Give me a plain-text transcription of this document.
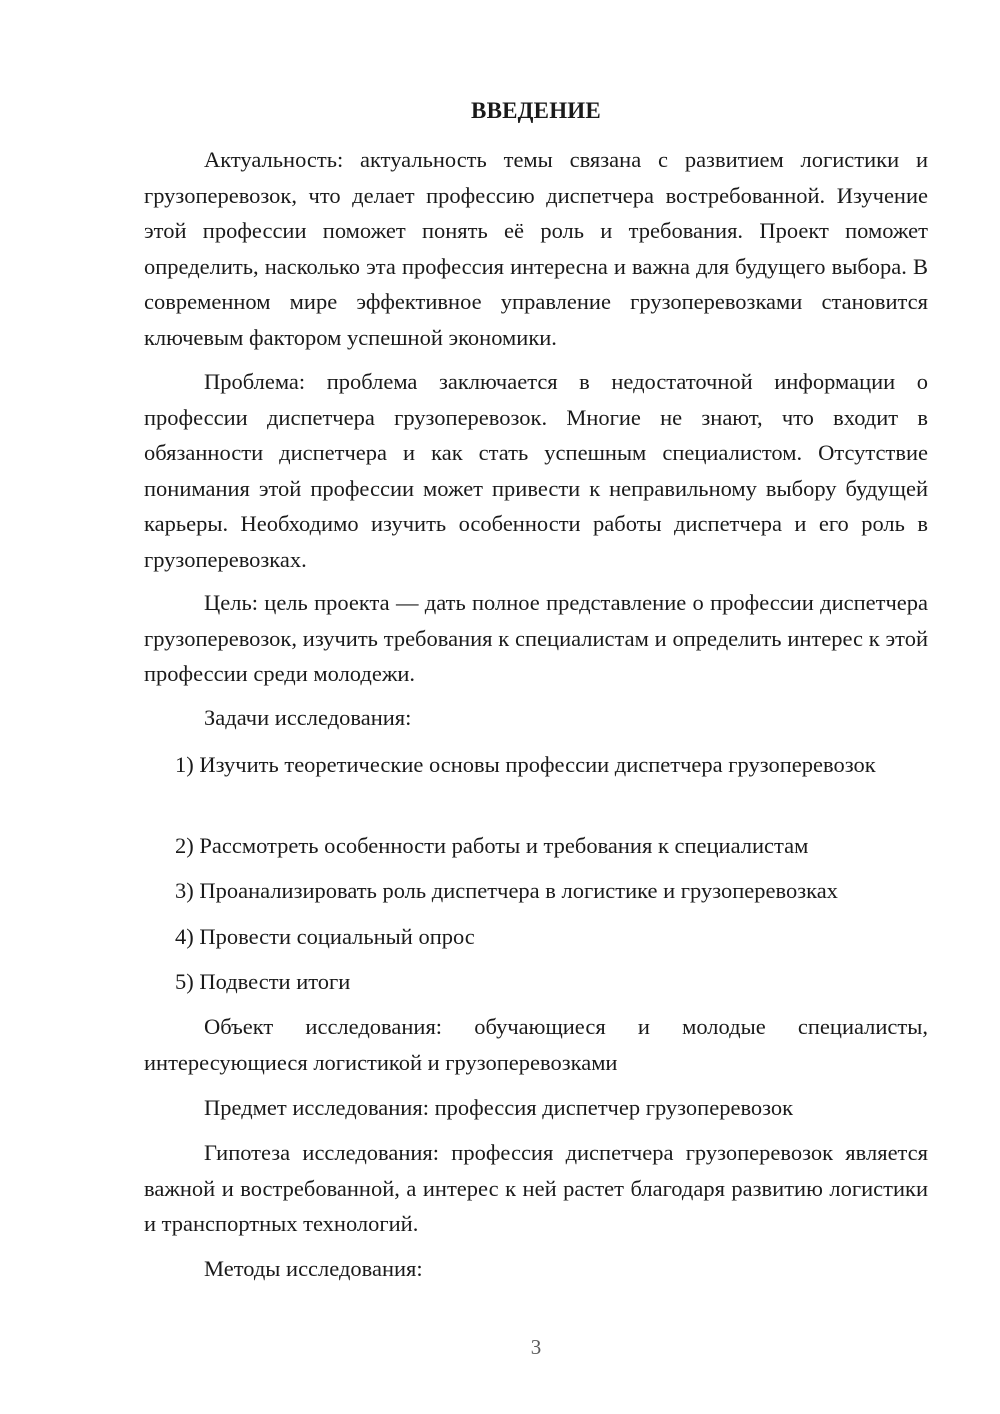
ВВЕДЕНИЕ

Актуальность: актуальность темы связана с развитием логистики и грузоперевозок, что делает профессию диспетчера востребованной. Изучение этой профессии поможет понять её роль и требования. Проект поможет определить, насколько эта профессия интересна и важна для будущего выбора. В современном мире эффективное управление грузоперевозками становится ключевым фактором успешной экономики.

Проблема: проблема заключается в недостаточной информации о профессии диспетчера грузоперевозок. Многие не знают, что входит в обязанности диспетчера и как стать успешным специалистом. Отсутствие понимания этой профессии может привести к неправильному выбору будущей карьеры. Необходимо изучить особенности работы диспетчера и его роль в грузоперевозках.

Цель: цель проекта — дать полное представление о профессии диспетчера грузоперевозок, изучить требования к специалистам и определить интерес к этой профессии среди молодежи.

Задачи исследования:

1) Изучить теоретические основы профессии диспетчера грузоперевозок

2) Рассмотреть особенности работы и требования к специалистам

3) Проанализировать роль диспетчера в логистике и грузоперевозках

4) Провести социальный опрос

5) Подвести итоги

Объект исследования: обучающиеся и молодые специалисты, интересующиеся логистикой и грузоперевозками

Предмет исследования: профессия диспетчер грузоперевозок

Гипотеза исследования: профессия диспетчера грузоперевозок является важной и востребованной, а интерес к ней растет благодаря развитию логистики и транспортных технологий.

Методы исследования:

3
